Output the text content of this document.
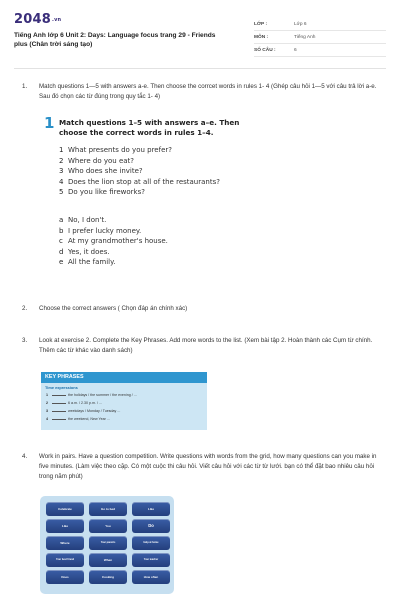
2048.vn
Tiếng Anh lớp 6 Unit 2: Days: Language focus trang 29 - Friends plus (Chân trời sáng tạo)
LỚP :	Lớp 6
MÔN :	Tiếng Anh
SỐ CÂU :	6
1. Match questions 1—5 with answers a-e. Then choose the corrcet words in rules 1- 4 (Ghép câu hỏi 1—5 với câu trả lời a-e. Sau đó chọn các từ đúng trong quy tắc 1- 4)
1 Match questions 1–5 with answers a–e. Then choose the correct words in rules 1–4.
1 What presents do you prefer?
2 Where do you eat?
3 Who does she invite?
4 Does the lion stop at all of the restaurants?
5 Do you like fireworks?
a No, I don't.
b I prefer lucky money.
c At my grandmother's house.
d Yes, it does.
e All the family.
2. Choose the correct answers ( Chọn đáp án chính xác)
3. Look at exercise 2. Complete the Key Phrases. Add more words to the list. (Xem bài tập 2. Hoàn thành các Cụm từ chính. Thêm các từ khác vào danh sách)
KEY PHRASES
Time expressions
1	the holidays / the summer / the evening / ...
2	6 a.m. / 2.30 p.m. / ...
3	weekdays / Monday / Tuesday ...
4	the weekend, New Year ...
4. Work in pairs. Have a question competition. Write questions with words from the grid, how many questions can you make in five minutes. (Làm việc theo cặp. Có một cuộc thi câu hỏi. Viết câu hỏi với các từ từ lưới. bạn có thể đặt bao nhiêu câu hỏi trong năm phút)
Celebrate	Go to bed	Like
Like	You	Do
Where	Your parents	Help at home
Your best friend	When	Your teacher
Does	Cooking	How often
